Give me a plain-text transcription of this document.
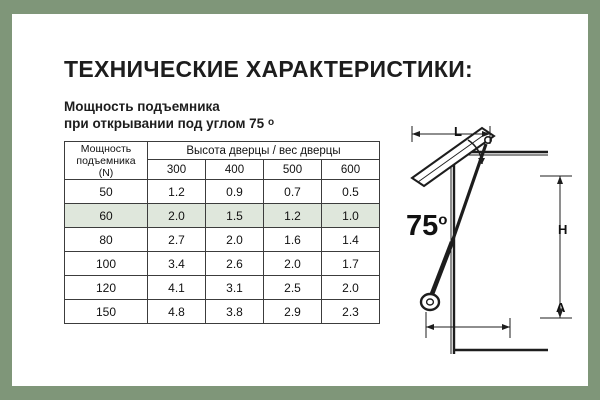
ТЕХНИЧЕСКИЕ ХАРАКТЕРИСТИКИ:
Мощность подъемника
при открывании под углом 75 $^о$
Мощность
подъемника
(N)	Высота дверцы / вес дверцы			
	300	400	500	600
50	1.2	0.9	0.7	0.5
60	2.0	1.5	1.2	1.0
80	2.7	2.0	1.6	1.4
100	3.4	2.6	2.0	1.7
120	4.1	3.1	2.5	2.0
150	4.8	3.8	2.9	2.3
75$^o$
L
H
A
